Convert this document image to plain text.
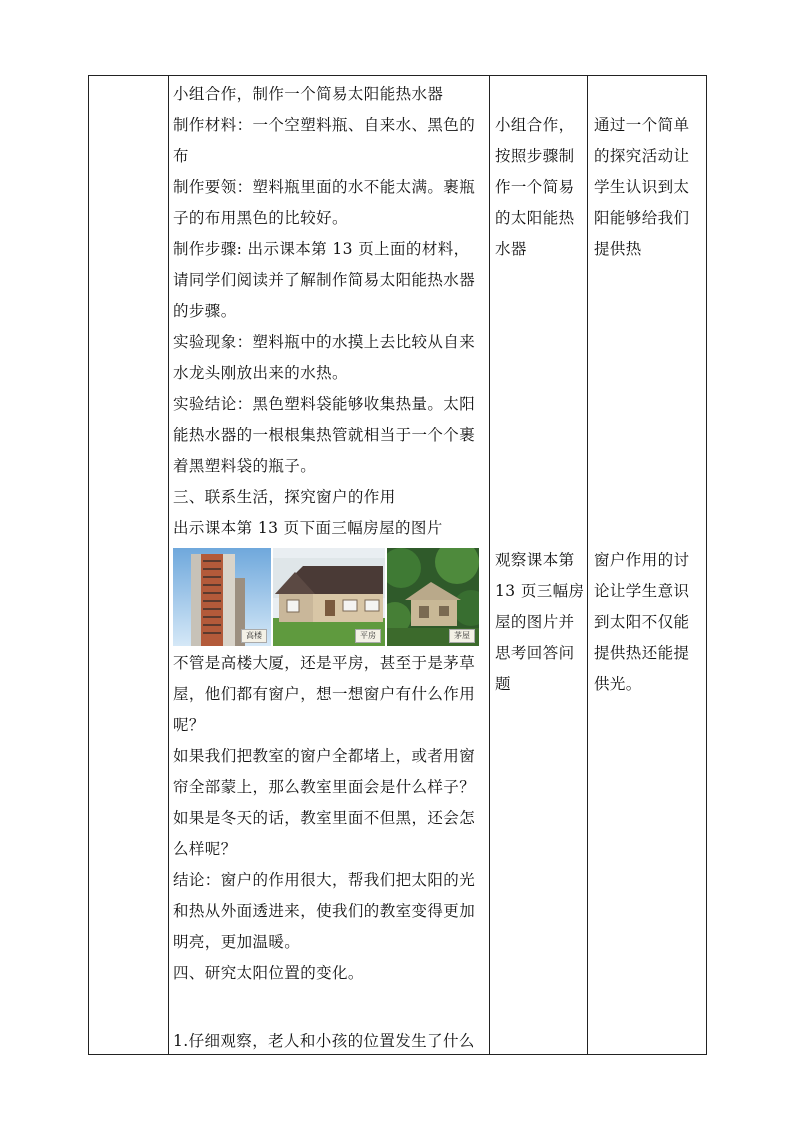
小组合作，制作一个简易太阳能热水器

制作材料：一个空塑料瓶、自来水、黑色的布

制作要领：塑料瓶里面的水不能太满。裹瓶子的布用黑色的比较好。

制作步骤: 出示课本第 13 页上面的材料，请同学们阅读并了解制作简易太阳能热水器的步骤。

实验现象：塑料瓶中的水摸上去比较从自来水龙头刚放出来的水热。

实验结论：黑色塑料袋能够收集热量。太阳能热水器的一根根集热管就相当于一个个裹着黑塑料袋的瓶子。

三、联系生活，探究窗户的作用

出示课本第 13 页下面三幅房屋的图片

高楼	平房	茅屋

不管是高楼大厦，还是平房，甚至于是茅草屋，他们都有窗户，想一想窗户有什么作用呢？

如果我们把教室的窗户全都堵上，或者用窗帘全部蒙上，那么教室里面会是什么样子？

如果是冬天的话，教室里面不但黑，还会怎么样呢？

结论：窗户的作用很大，帮我们把太阳的光和热从外面透进来，使我们的教室变得更加明亮，更加温暖。

四、研究太阳位置的变化。

1.仔细观察，老人和小孩的位置发生了什么

小组合作，按照步骤制作一个简易的太阳能热水器

观察课本第 13 页三幅房屋的图片并思考回答问题

通过一个简单的探究活动让学生认识到太阳能够给我们提供热

窗户作用的讨论让学生意识到太阳不仅能提供热还能提供光。
